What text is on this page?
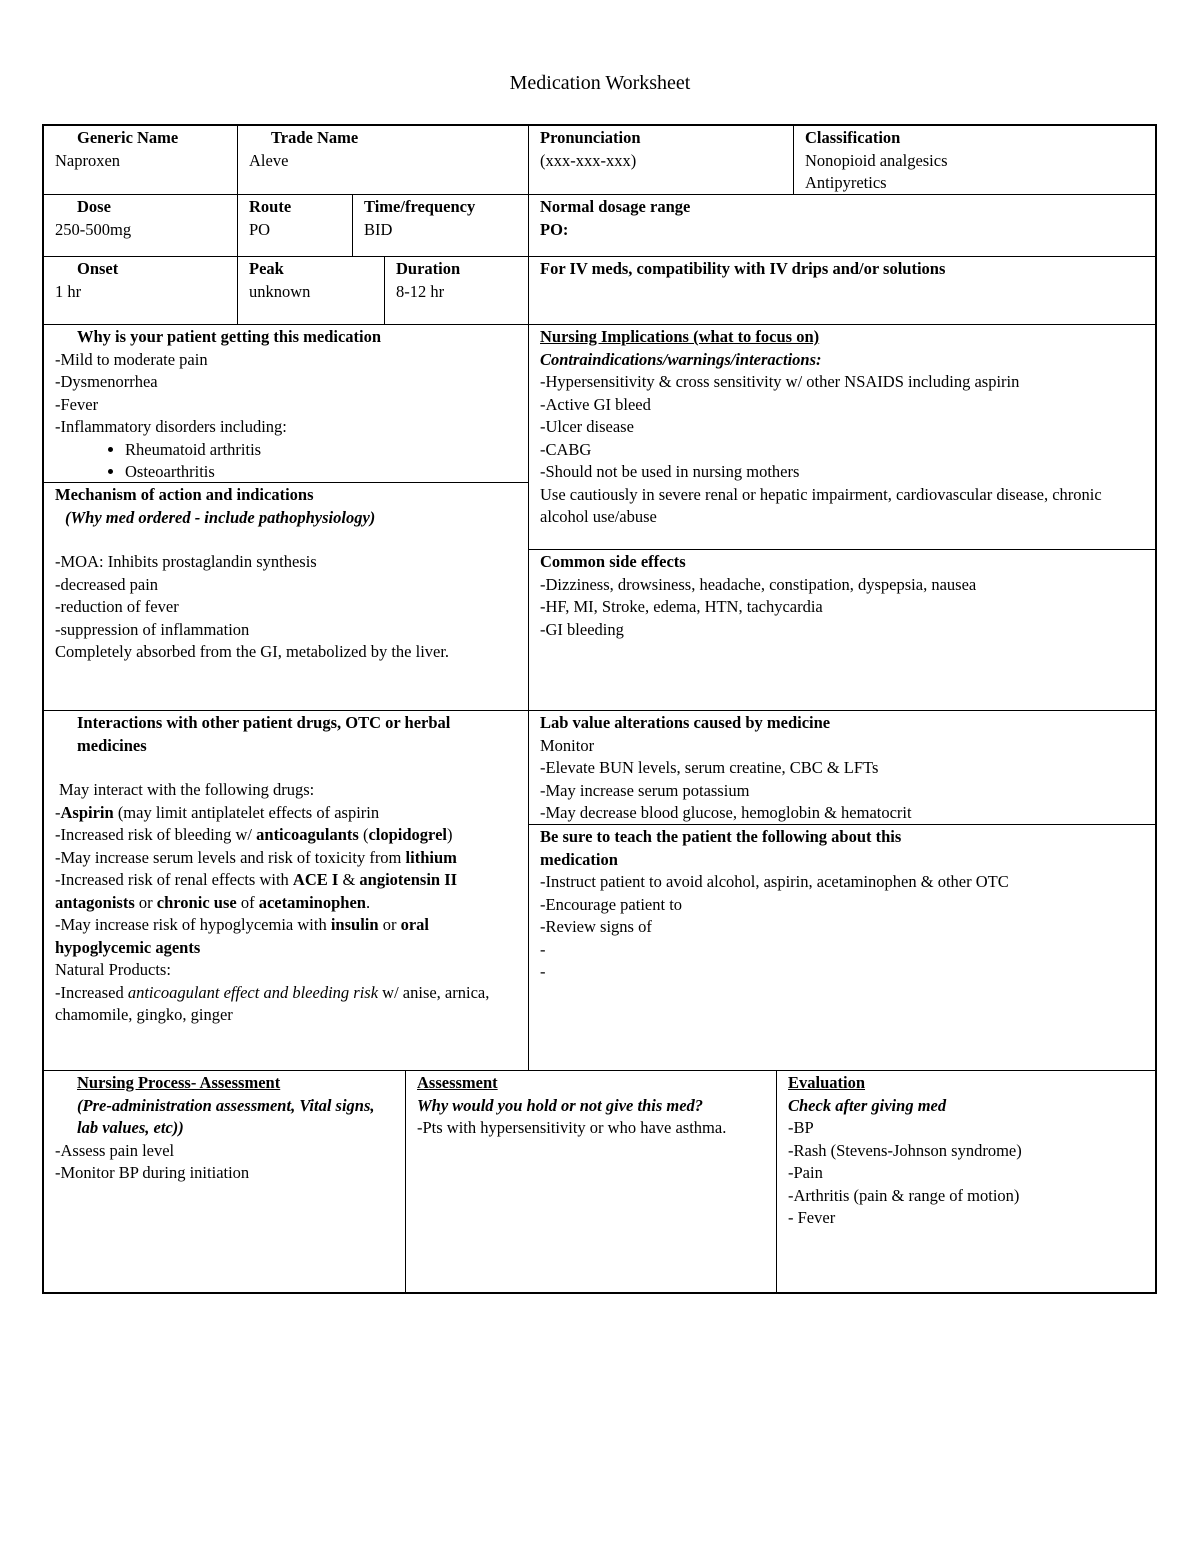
Medication Worksheet
Generic Name
Naproxen
Trade Name
Aleve
Pronunciation
(xxx-xxx-xxx)
Classification
Nonopioid analgesics
Antipyretics
Dose
250-500mg
Route
PO
Time/frequency
BID
Normal dosage range
PO:
Onset
1 hr
Peak
unknown
Duration
8-12 hr
For IV meds, compatibility with IV drips and/or solutions
Why is your patient getting this medication
-Mild to moderate pain
-Dysmenorrhea
-Fever
-Inflammatory disorders including:
• Rheumatoid arthritis
• Osteoarthritis
Mechanism of action and indications
(Why med ordered - include pathophysiology)
-MOA: Inhibits prostaglandin synthesis
-decreased pain
-reduction of fever
-suppression of inflammation
Completely absorbed from the GI, metabolized by the liver.
Nursing Implications (what to focus on)
Contraindications/warnings/interactions:
-Hypersensitivity & cross sensitivity w/ other NSAIDS including aspirin
-Active GI bleed
-Ulcer disease
-CABG
-Should not be used in nursing mothers
Use cautiously in severe renal or hepatic impairment, cardiovascular disease, chronic alcohol use/abuse
Common side effects
-Dizziness, drowsiness, headache, constipation, dyspepsia, nausea
-HF, MI, Stroke, edema, HTN, tachycardia
-GI bleeding
Interactions with other patient drugs, OTC or herbal medicines
May interact with the following drugs:
-Aspirin (may limit antiplatelet effects of aspirin
-Increased risk of bleeding w/ anticoagulants (clopidogrel)
-May increase serum levels and risk of toxicity from lithium
-Increased risk of renal effects with ACE I & angiotensin II antagonists or chronic use of acetaminophen.
-May increase risk of hypoglycemia with insulin or oral hypoglycemic agents
Natural Products:
-Increased anticoagulant effect and bleeding risk w/ anise, arnica, chamomile, gingko, ginger
Lab value alterations caused by medicine
Monitor
-Elevate BUN levels, serum creatine, CBC & LFTs
-May increase serum potassium
-May decrease blood glucose, hemoglobin & hematocrit
Be sure to teach the patient the following about this medication
-Instruct patient to avoid alcohol, aspirin, acetaminophen & other OTC
-Encourage patient to
-Review signs of
-
-
Nursing Process- Assessment
(Pre-administration assessment, Vital signs, lab values, etc))
-Assess pain level
-Monitor BP during initiation
Assessment
Why would you hold or not give this med?
-Pts with hypersensitivity or who have asthma.
Evaluation
Check after giving med
-BP
-Rash (Stevens-Johnson syndrome)
-Pain
-Arthritis (pain & range of motion)
- Fever
